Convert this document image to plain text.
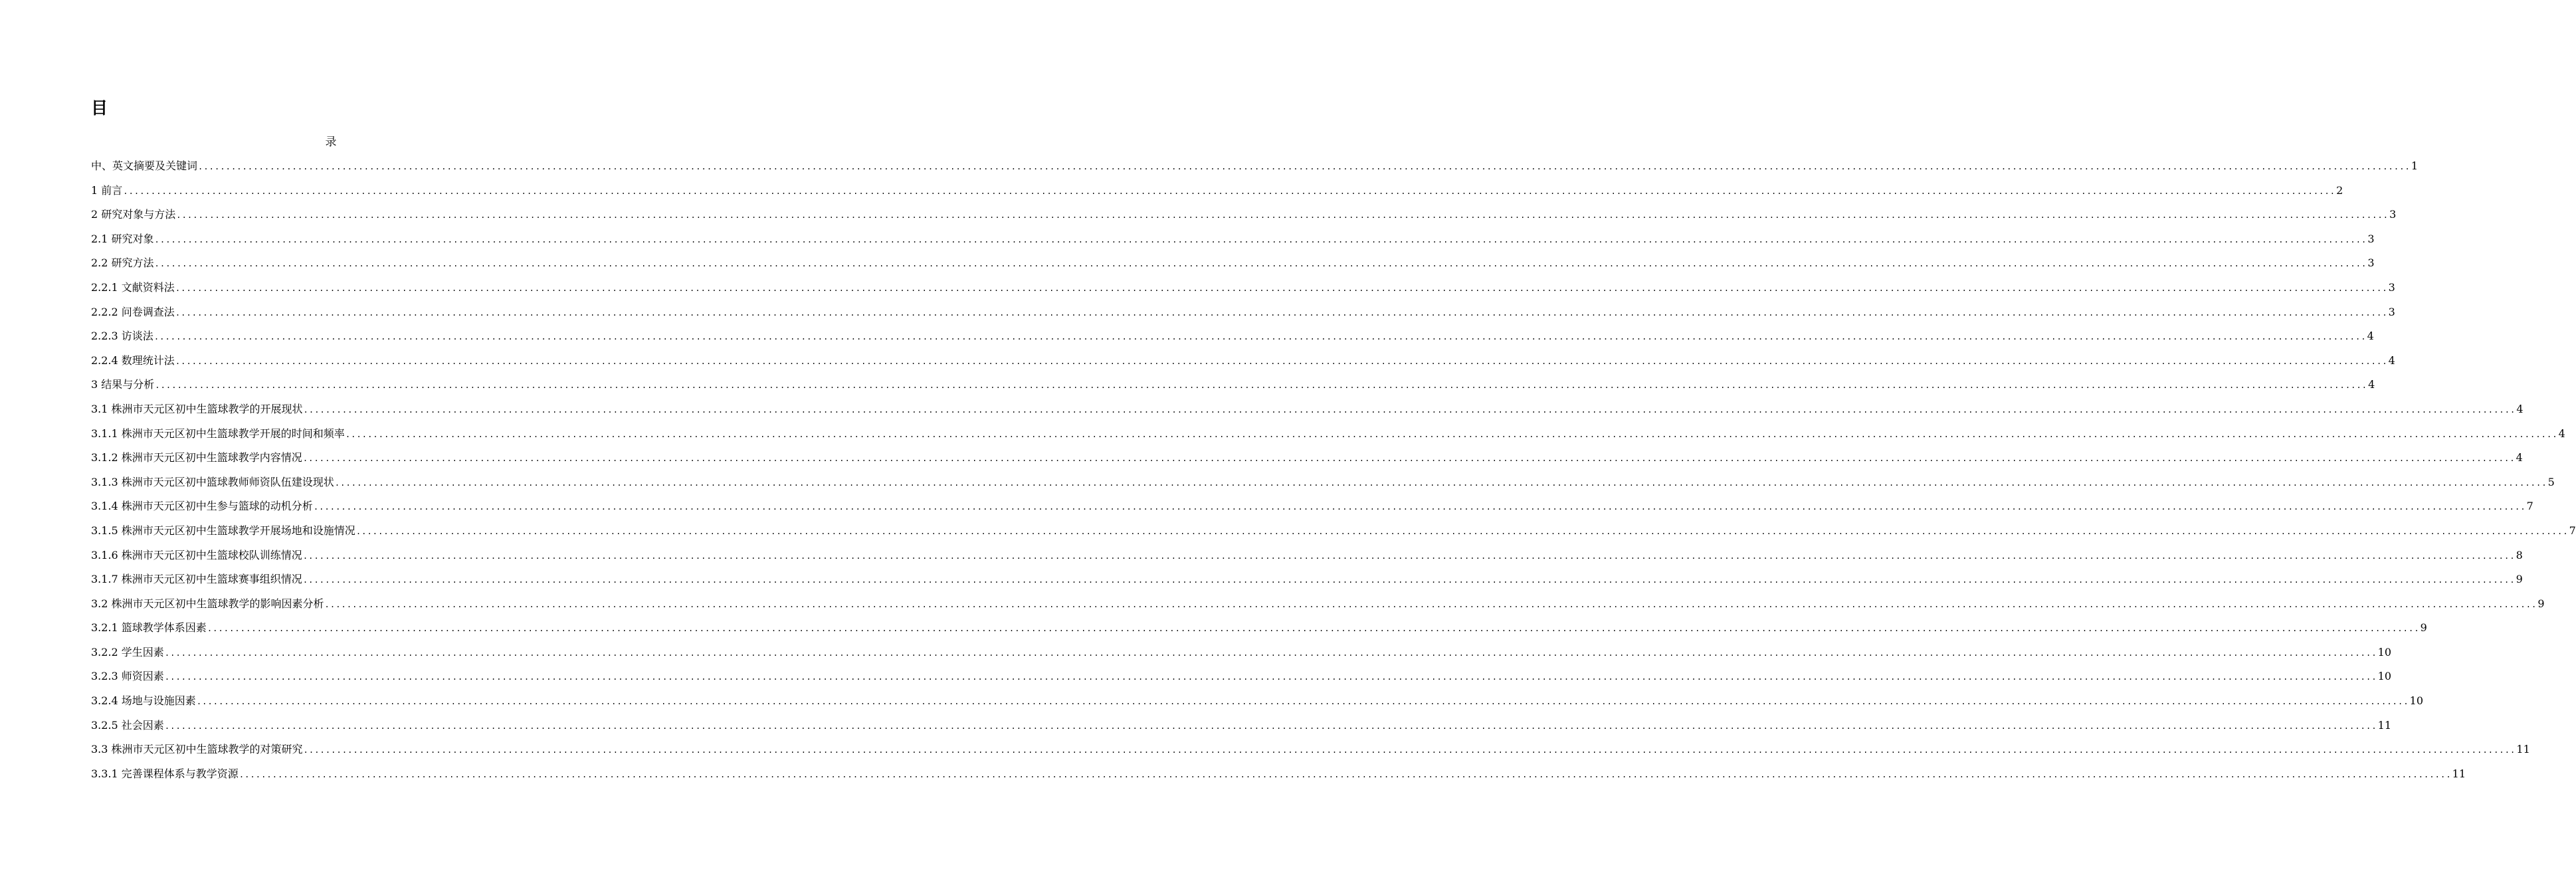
目
录
中、英文摘要及关键词 ................................................................................................................................................................................................................................................................................................................................................................................................................ 1
1 前言 ................................................................................................................................................................................................................................................................................................................................................................................................................ 2
2 研究对象与方法 ................................................................................................................................................................................................................................................................................................................................................................................................................ 3
2.1 研究对象 ................................................................................................................................................................................................................................................................................................................................................................................................................ 3
2.2 研究方法 ................................................................................................................................................................................................................................................................................................................................................................................................................ 3
2.2.1 文献资料法 ................................................................................................................................................................................................................................................................................................................................................................................................................ 3
2.2.2 问卷调查法 ................................................................................................................................................................................................................................................................................................................................................................................................................ 3
2.2.3 访谈法 ................................................................................................................................................................................................................................................................................................................................................................................................................ 4
2.2.4 数理统计法 ................................................................................................................................................................................................................................................................................................................................................................................................................ 4
3 结果与分析 ................................................................................................................................................................................................................................................................................................................................................................................................................ 4
3.1 株洲市天元区初中生篮球教学的开展现状 ................................................................................................................................................................................................................................................................................................................................................................................................................ 4
3.1.1 株洲市天元区初中生篮球教学开展的时间和频率 ................................................................................................................................................................................................................................................................................................................................................................................................................ 4
3.1.2 株洲市天元区初中生篮球教学内容情况 ................................................................................................................................................................................................................................................................................................................................................................................................................ 4
3.1.3 株洲市天元区初中篮球教师师资队伍建设现状 ................................................................................................................................................................................................................................................................................................................................................................................................................ 5
3.1.4 株洲市天元区初中生参与篮球的动机分析 ................................................................................................................................................................................................................................................................................................................................................................................................................ 7
3.1.5 株洲市天元区初中生篮球教学开展场地和设施情况 ................................................................................................................................................................................................................................................................................................................................................................................................................ 7
3.1.6 株洲市天元区初中生篮球校队训练情况 ................................................................................................................................................................................................................................................................................................................................................................................................................ 8
3.1.7 株洲市天元区初中生篮球赛事组织情况 ................................................................................................................................................................................................................................................................................................................................................................................................................ 9
3.2 株洲市天元区初中生篮球教学的影响因素分析 ................................................................................................................................................................................................................................................................................................................................................................................................................ 9
3.2.1 篮球教学体系因素 ................................................................................................................................................................................................................................................................................................................................................................................................................ 9
3.2.2 学生因素 ................................................................................................................................................................................................................................................................................................................................................................................................................ 10
3.2.3 师资因素 ................................................................................................................................................................................................................................................................................................................................................................................................................ 10
3.2.4 场地与设施因素 ................................................................................................................................................................................................................................................................................................................................................................................................................ 10
3.2.5 社会因素 ................................................................................................................................................................................................................................................................................................................................................................................................................ 11
3.3 株洲市天元区初中生篮球教学的对策研究 ................................................................................................................................................................................................................................................................................................................................................................................................................ 11
3.3.1 完善课程体系与教学资源 ................................................................................................................................................................................................................................................................................................................................................................................................................ 11
